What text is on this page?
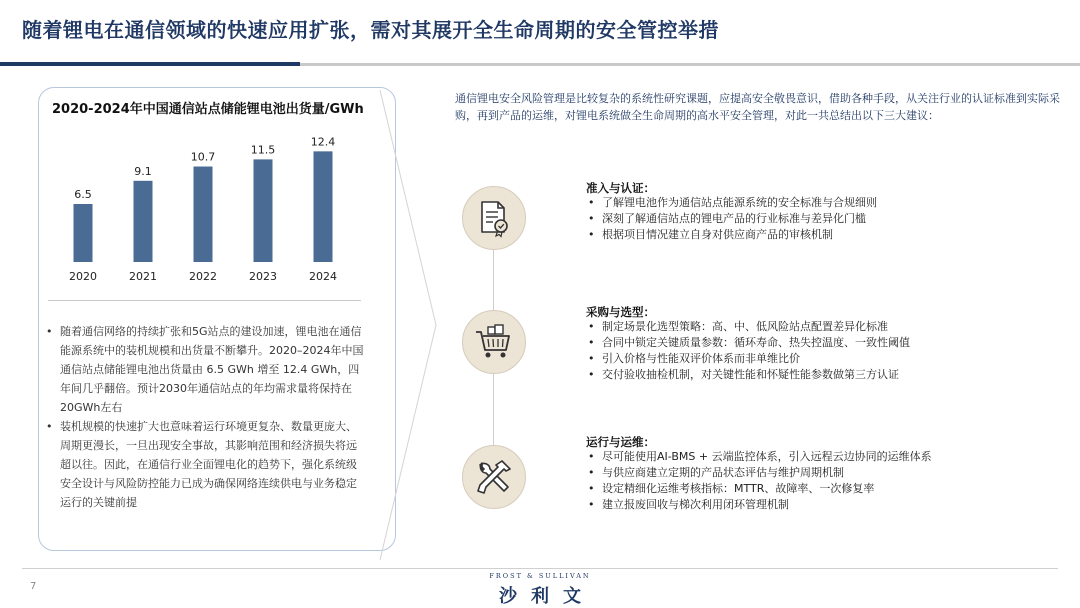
随着锂电在通信领域的快速应用扩张，需对其展开全生命周期的安全管控举措
2020-2024年中国通信站点储能锂电池出货量/GWh
6.5
2020
9.1
2021
10.7
2022
11.5
2023
12.4
2024
• 随着通信网络的持续扩张和5G站点的建设加速，锂电池在通信能源系统中的装机规模和出货量不断攀升。2020–2024年中国通信站点储能锂电池出货量由 6.5 GWh 增至 12.4 GWh，四年间几乎翻倍。预计2030年通信站点的年均需求量将保持在20GWh左右
• 装机规模的快速扩大也意味着运行环境更复杂、数量更庞大、周期更漫长，一旦出现安全事故，其影响范围和经济损失将远超以往。因此，在通信行业全面锂电化的趋势下，强化系统级安全设计与风险防控能力已成为确保网络连续供电与业务稳定运行的关键前提
通信锂电安全风险管理是比较复杂的系统性研究课题，应提高安全敬畏意识，借助各种手段，从关注行业的认证标准到实际采购，再到产品的运维，对锂电系统做全生命周期的高水平安全管理，对此一共总结出以下三大建议：
准入与认证：
• 了解锂电池作为通信站点能源系统的安全标准与合规细则
• 深刻了解通信站点的锂电产品的行业标准与差异化门槛
• 根据项目情况建立自身对供应商产品的审核机制
采购与选型：
• 制定场景化选型策略：高、中、低风险站点配置差异化标准
• 合同中锁定关键质量参数：循环寿命、热失控温度、一致性阈值
• 引入价格与性能双评价体系而非单维比价
• 交付验收抽检机制，对关键性能和怀疑性能参数做第三方认证
运行与运维：
• 尽可能使用AI-BMS + 云端监控体系，引入远程云边协同的运维体系
• 与供应商建立定期的产品状态评估与维护周期机制
• 设定精细化运维考核指标：MTTR、故障率、一次修复率
• 建立报废回收与梯次利用闭环管理机制
7
FROST & SULLIVAN
沙利文
